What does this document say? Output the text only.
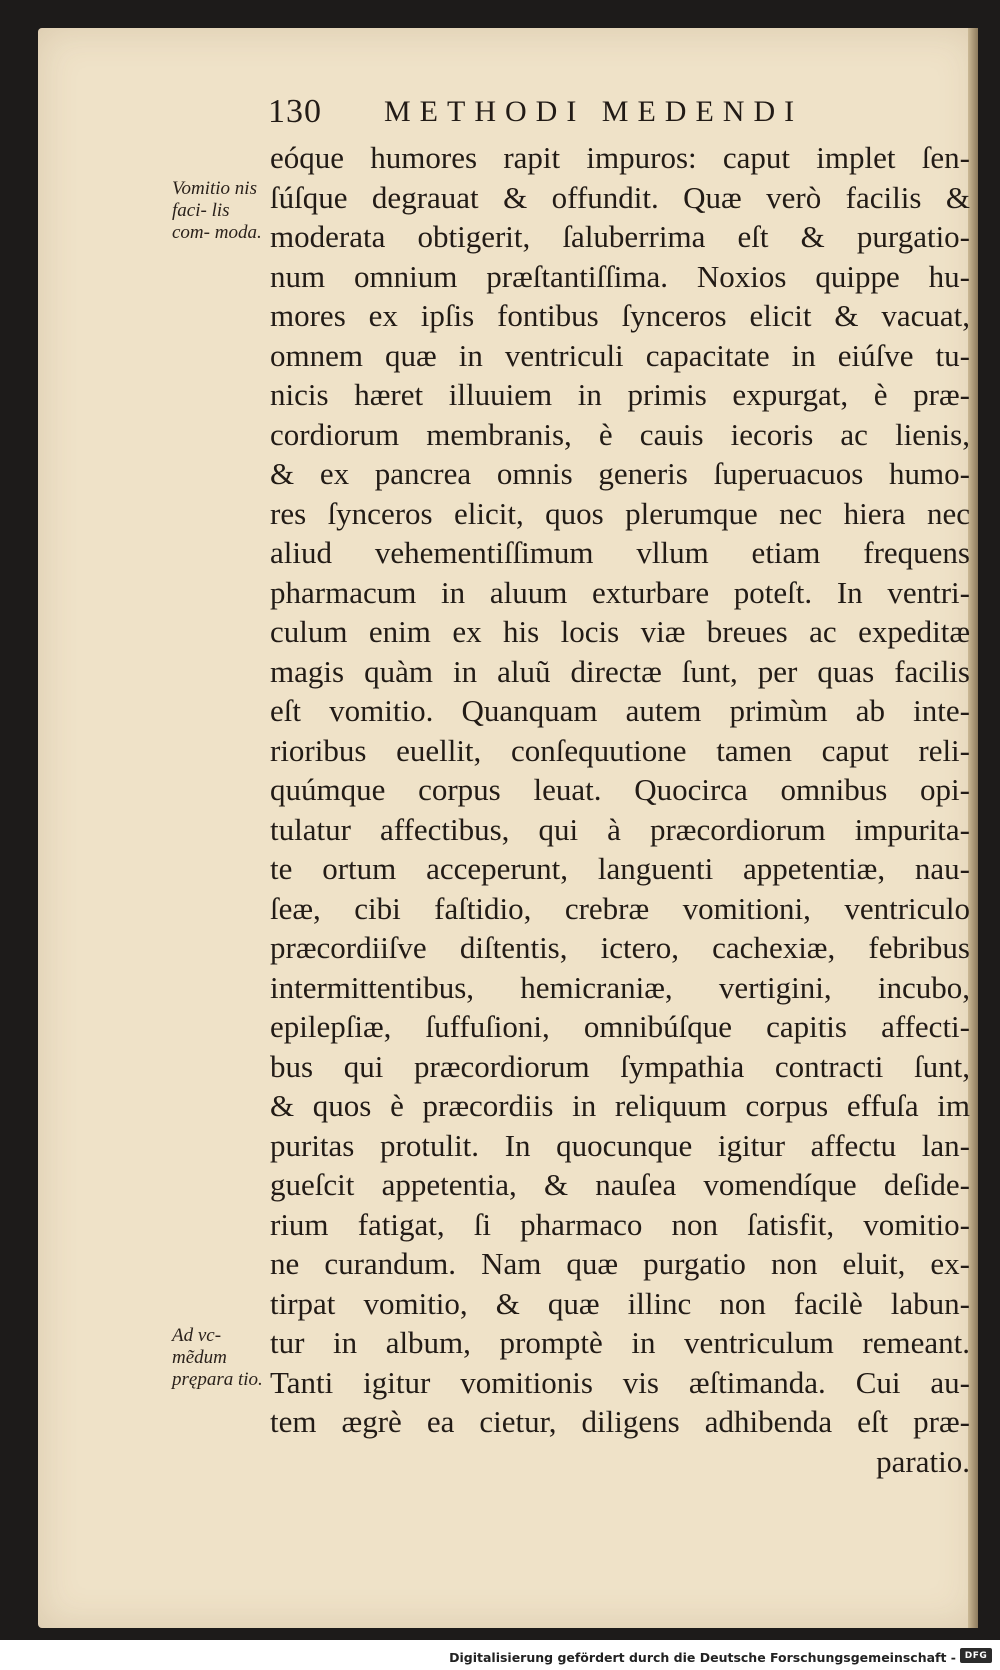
130 METHODI MEDENDI
Vomitio nis faci- lis com- moda.
Ad vc- mẽdum prępara tio.
eóque humores rapit impuros: caput implet ſen-
ſúſque degrauat & offundit. Quæ verò facilis &
moderata obtigerit, ſaluberrima eſt & purgatio-
num omnium præſtantiſſima. Noxios quippe hu-
mores ex ipſis fontibus ſynceros elicit & vacuat,
omnem quæ in ventriculi capacitate in eiúſve tu-
nicis hæret illuuiem in primis expurgat, è præ-
cordiorum membranis, è cauis iecoris ac lienis,
& ex pancrea omnis generis ſuperuacuos humo-
res ſynceros elicit, quos plerumque nec hiera nec
aliud vehementiſſimum vllum etiam frequens
pharmacum in aluum exturbare poteſt. In ventri-
culum enim ex his locis viæ breues ac expeditæ
magis quàm in aluũ directæ ſunt, per quas facilis
eſt vomitio. Quanquam autem primùm ab inte-
rioribus euellit, conſequutione tamen caput reli-
quúmque corpus leuat. Quocirca omnibus opi-
tulatur affectibus, qui à præcordiorum impurita-
te ortum acceperunt, languenti appetentiæ, nau-
ſeæ, cibi faſtidio, crebræ vomitioni, ventriculo
præcordiiſve diſtentis, ictero, cachexiæ, febribus
intermittentibus, hemicraniæ, vertigini, incubo,
epilepſiæ, ſuffuſioni, omnibúſque capitis affecti-
bus qui præcordiorum ſympathia contracti ſunt,
& quos è præcordiis in reliquum corpus effuſa im
puritas protulit. In quocunque igitur affectu lan-
gueſcit appetentia, & nauſea vomendíque deſide-
rium fatigat, ſi pharmaco non ſatisfit, vomitio-
ne curandum. Nam quæ purgatio non eluit, ex-
tirpat vomitio, & quæ illinc non facilè labun-
tur in album, promptè in ventriculum remeant.
Tanti igitur vomitionis vis æſtimanda. Cui au-
tem ægrè ea cietur, diligens adhibenda eſt præ-
paratio.
Digitalisierung gefördert durch die Deutsche Forschungsgemeinschaft - DFG
